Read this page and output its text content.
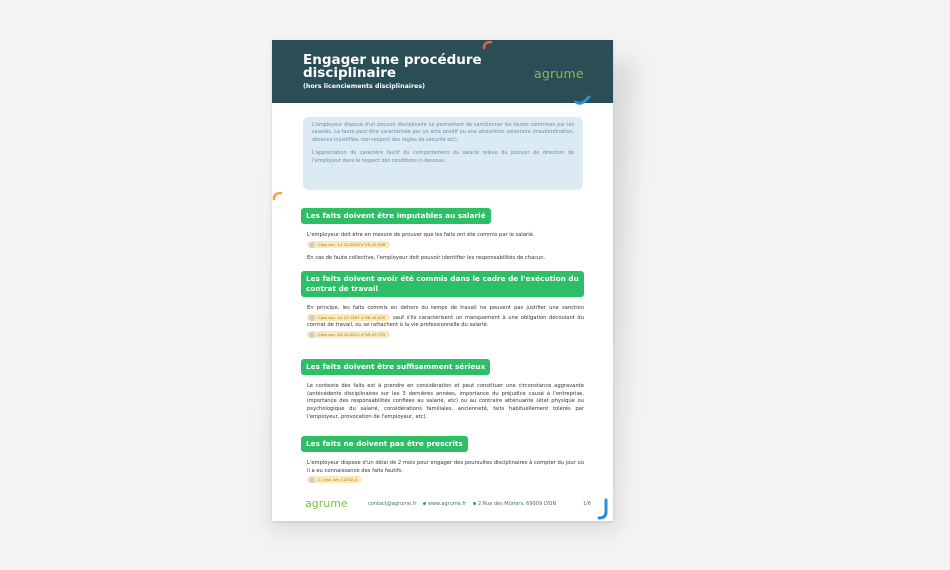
Engager une procédure disciplinaire
(hors licenciements disciplinaires)
agrume

L'employeur dispose d'un pouvoir disciplinaire lui permettant de sanctionner les fautes commises par les salariés. La faute peut être caractérisée par un acte positif ou une abstention volontaire (insubordination, absence injustifiée, non-respect des règles de sécurité etc).

L'appréciation du caractère fautif du comportement du salarié relève du pouvoir de direction de l'employeur dans le respect des conditions ci-dessous.

Les faits doivent être imputables au salarié

L'employeur doit être en mesure de prouver que les faits ont été commis par le salarié.
Cass soc. 13.10.2016 n°15-15.558

En cas de faute collective, l'employeur doit pouvoir identifier les responsabilités de chacun.

Les faits doivent avoir été commis dans le cadre de l'exécution du contrat de travail

En principe, les faits commis en dehors du temps de travail ne peuvent pas justifier une sanction Cass soc. 10.12.1997 n°96-45.020 sauf s'ils caractérisent un manquement à une obligation découlant du contrat de travail, ou se rattachent à la vie professionnelle du salarié.
Cass soc. 04.10.2011 n°09-43.755

Les faits doivent être suffisamment sérieux

Le contexte des faits est à prendre en considération et peut constituer une circonstance aggravante (antécédents disciplinaires sur les 3 dernières années, importance du préjudice causé à l'entreprise, importance des responsabilités confiées au salarié, etc) ou au contraire atténuante (état physique ou psychologique du salarié, considérations familiales, ancienneté, faits habituellement tolérés par l'employeur, provocation de l'employeur, etc).

Les faits ne doivent pas être prescrits

L'employeur dispose d'un délai de 2 mois pour engager des poursuites disciplinaires à compter du jour où il a eu connaissance des faits fautifs.
C. trav. art. L1332-4

agrume	contact@agrume.fr www.agrume.fr 2 Rue des Mûriers, 69009 LYON	1/6
